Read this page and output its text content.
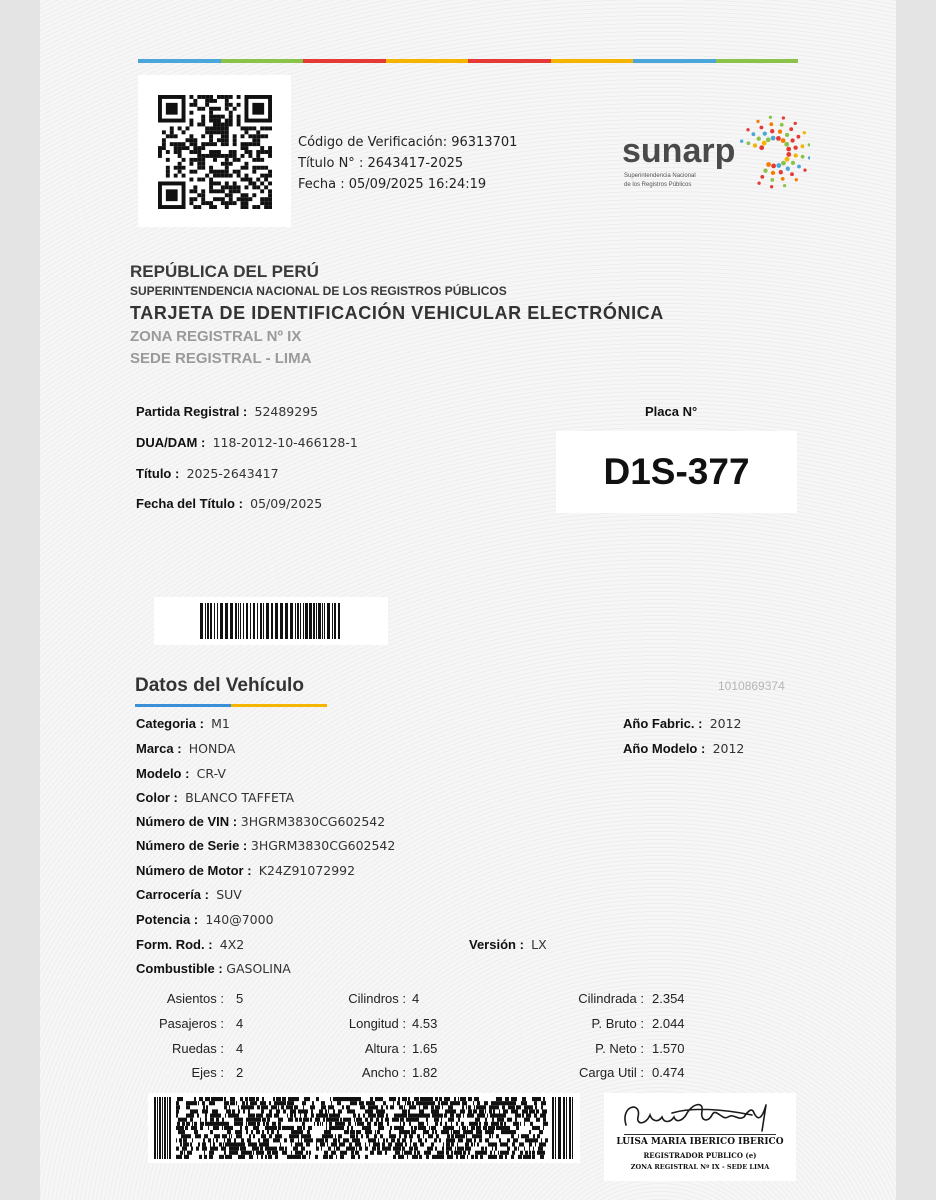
Código de Verificación: 96313701
Título N° : 2643417-2025
Fecha : 05/09/2025 16:24:19
sunarp
Superintendencia Nacional
de los Registros Públicos
REPÚBLICA DEL PERÚ
SUPERINTENDENCIA NACIONAL DE LOS REGISTROS PÚBLICOS
TARJETA DE IDENTIFICACIÓN VEHICULAR ELECTRÓNICA
ZONA REGISTRAL Nº IX
SEDE REGISTRAL - LIMA
Partida Registral : 52489295
DUA/DAM : 118-2012-10-466128-1
Título : 2025-2643417
Fecha del Título : 05/09/2025
Placa N°
D1S-377
Datos del Vehículo	1010869374
Categoria : M1
Marca : HONDA
Modelo : CR-V
Color : BLANCO TAFFETA
Número de VIN : 3HGRM3830CG602542
Número de Serie : 3HGRM3830CG602542
Número de Motor : K24Z91072992
Carrocería : SUV
Potencia : 140@7000
Form. Rod. : 4X2	Versión : LX
Combustible : GASOLINA
Año Fabric. : 2012
Año Modelo : 2012
Asientos : 5
Pasajeros : 4
Ruedas : 4
Ejes : 2
Cilindros : 4
Longitud : 4.53
Altura : 1.65
Ancho : 1.82
Cilindrada : 2.354
P. Bruto : 2.044
P. Neto : 1.570
Carga Util : 0.474
LUISA MARIA IBERICO IBERICO
REGISTRADOR PUBLICO (e)
ZONA REGISTRAL Nº IX - SEDE LIMA
